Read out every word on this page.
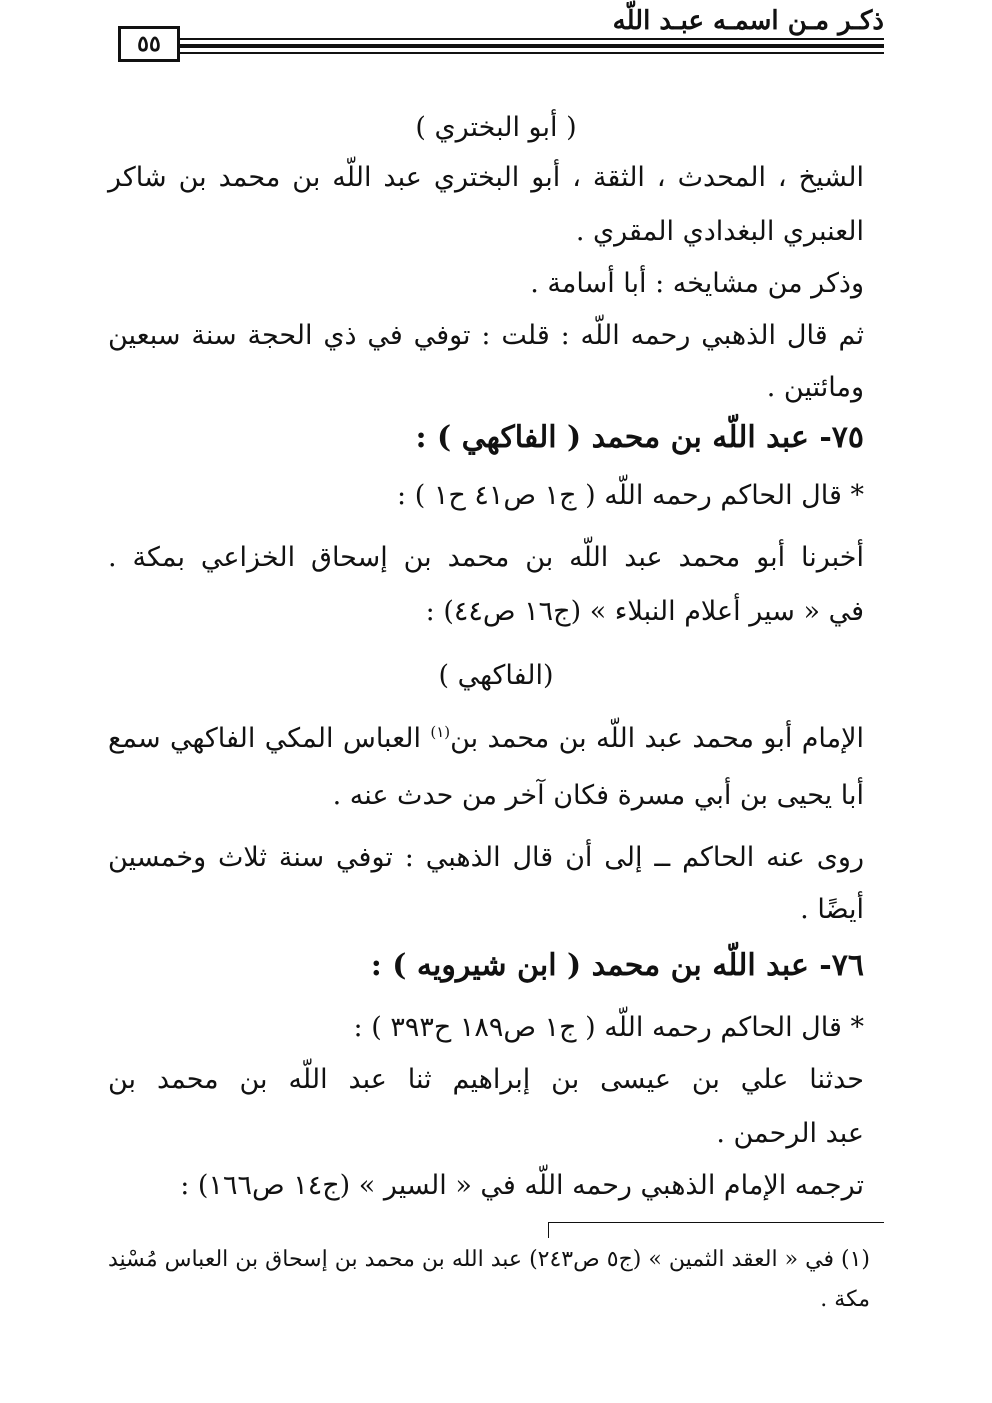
ذكـر مـن اسمـه عبـد اللّه
٥٥
( أبو البختري )
الشيخ ، المحدث ، الثقة ، أبو البختري عبد اللّه بن محمد بن شاكر
العنبري البغدادي المقري .
وذكر من مشايخه : أبا أسامة .
ثم قال الذهبي رحمه اللّه : قلت : توفي في ذي الحجة سنة سبعين
ومائتين .
٧٥- عبد اللّه بن محمد ( الفاكهي ) :
* قال الحاكم رحمه اللّه ( ج١ ص٤١ ح١ ) :
أخبرنا أبو محمد عبد اللّه بن محمد بن إسحاق الخزاعي بمكة .
في « سير أعلام النبلاء » (ج١٦ ص٤٤) :
(الفاكهي )
الإمام أبو محمد عبد اللّه بن محمد بن$^{(١)}$ العباس المكي الفاكهي سمع
أبا يحيى بن أبي مسرة فكان آخر من حدث عنه .
روى عنه الحاكم ــ إلى أن قال الذهبي : توفي سنة ثلاث وخمسين
أيضًا .
٧٦- عبد اللّه بن محمد ( ابن شيرويه ) :
* قال الحاكم رحمه اللّه ( ج١ ص١٨٩ ح٣٩٣ ) :
حدثنا علي بن عيسى بن إبراهيم ثنا عبد اللّه بن محمد بن
عبد الرحمن .
ترجمه الإمام الذهبي رحمه اللّه في « السير » (ج١٤ ص١٦٦) :
(١) في « العقد الثمين » (ج٥ ص٢٤٣) عبد الله بن محمد بن إسحاق بن العباس مُسْنِد
مكة .
